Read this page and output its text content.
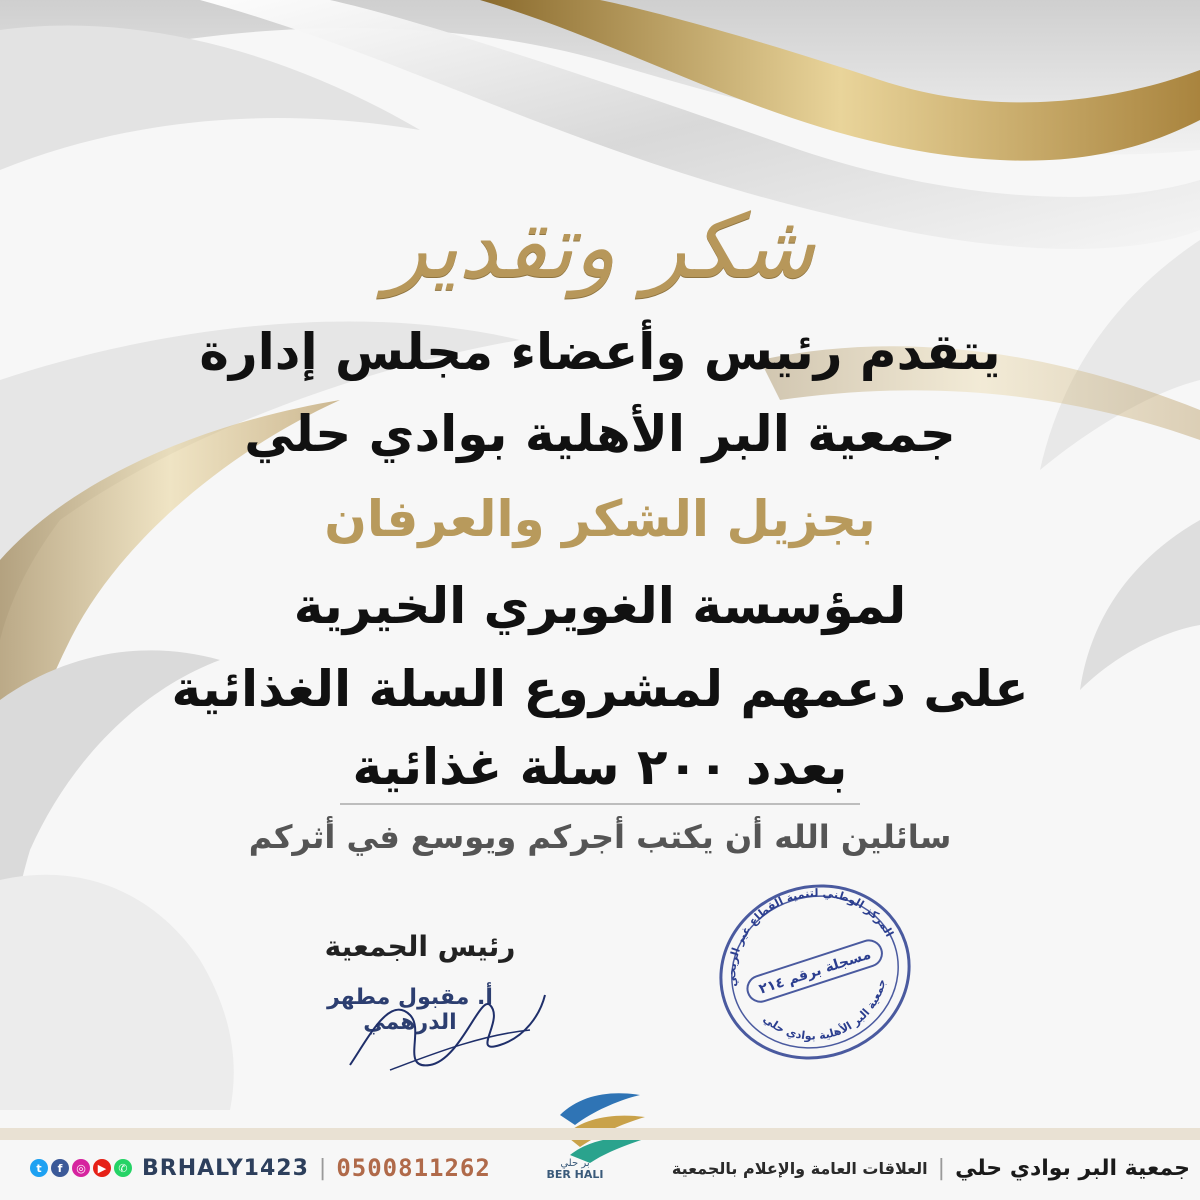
شكر وتقدير
يتقدم رئيس وأعضاء مجلس إدارة
جمعية البر الأهلية بوادي حلي
بجزيل الشكر والعرفان
لمؤسسة الغويري الخيرية
على دعمهم لمشروع السلة الغذائية
بعدد ٢٠٠ سلة غذائية
سائلين الله أن يكتب أجركم ويوسع في أثركم
المركز الوطني لتنمية القطاع غير الربحي
مسجلة برقم ٢١٤
جمعية البر الأهلية بوادي حلي
رئيس الجمعية
أ. مقبول مطهر الدرهمي
بر حلي
BER HALI	جمعية البر بوادي حلي
|
العلاقات العامة والإعلام بالجمعية
t	f	◎	▶	✆ BRHALY1423 | 0500811262
